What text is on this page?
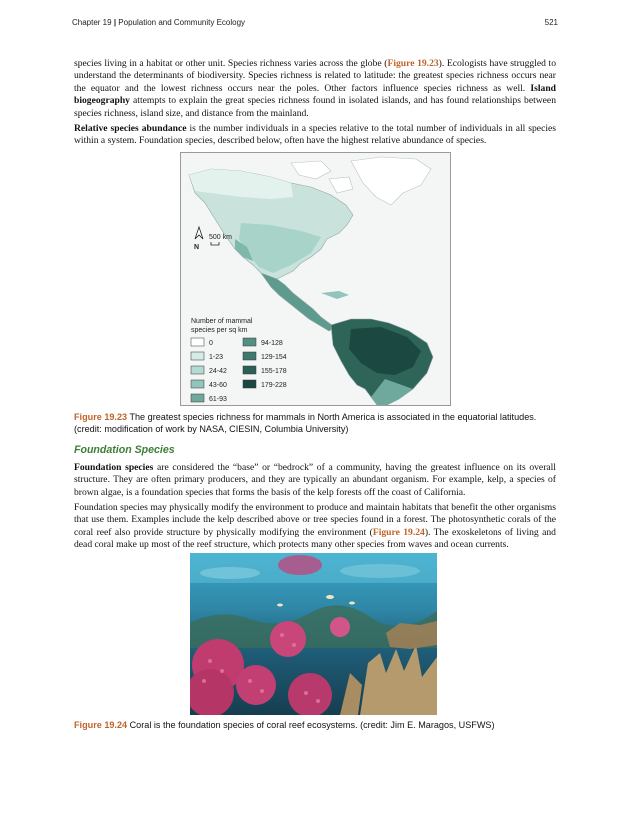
Chapter 19 | Population and Community Ecology	521
species living in a habitat or other unit. Species richness varies across the globe (Figure 19.23). Ecologists have struggled to understand the determinants of biodiversity. Species richness is related to latitude: the greatest species richness occurs near the equator and the lowest richness occurs near the poles. Other factors influence species richness as well. Island biogeography attempts to explain the great species richness found in isolated islands, and has found relationships between species richness, island size, and distance from the mainland.
Relative species abundance is the number individuals in a species relative to the total number of individuals in all species within a system. Foundation species, described below, often have the highest relative abundance of species.
N
500 km
Number of mammal
species per sq km
0
1-23
24-42
43-60
61-93
94-128
129-154
155-178
179-228
Figure 19.23 The greatest species richness for mammals in North America is associated in the equatorial latitudes. (credit: modification of work by NASA, CIESIN, Columbia University)
Foundation Species
Foundation species are considered the “base” or “bedrock” of a community, having the greatest influence on its overall structure. They are often primary producers, and they are typically an abundant organism. For example, kelp, a species of brown algae, is a foundation species that forms the basis of the kelp forests off the coast of California.
Foundation species may physically modify the environment to produce and maintain habitats that benefit the other organisms that use them. Examples include the kelp described above or tree species found in a forest. The photosynthetic corals of the coral reef also provide structure by physically modifying the environment (Figure 19.24). The exoskeletons of living and dead coral make up most of the reef structure, which protects many other species from waves and ocean currents.
Figure 19.24 Coral is the foundation species of coral reef ecosystems. (credit: Jim E. Maragos, USFWS)
